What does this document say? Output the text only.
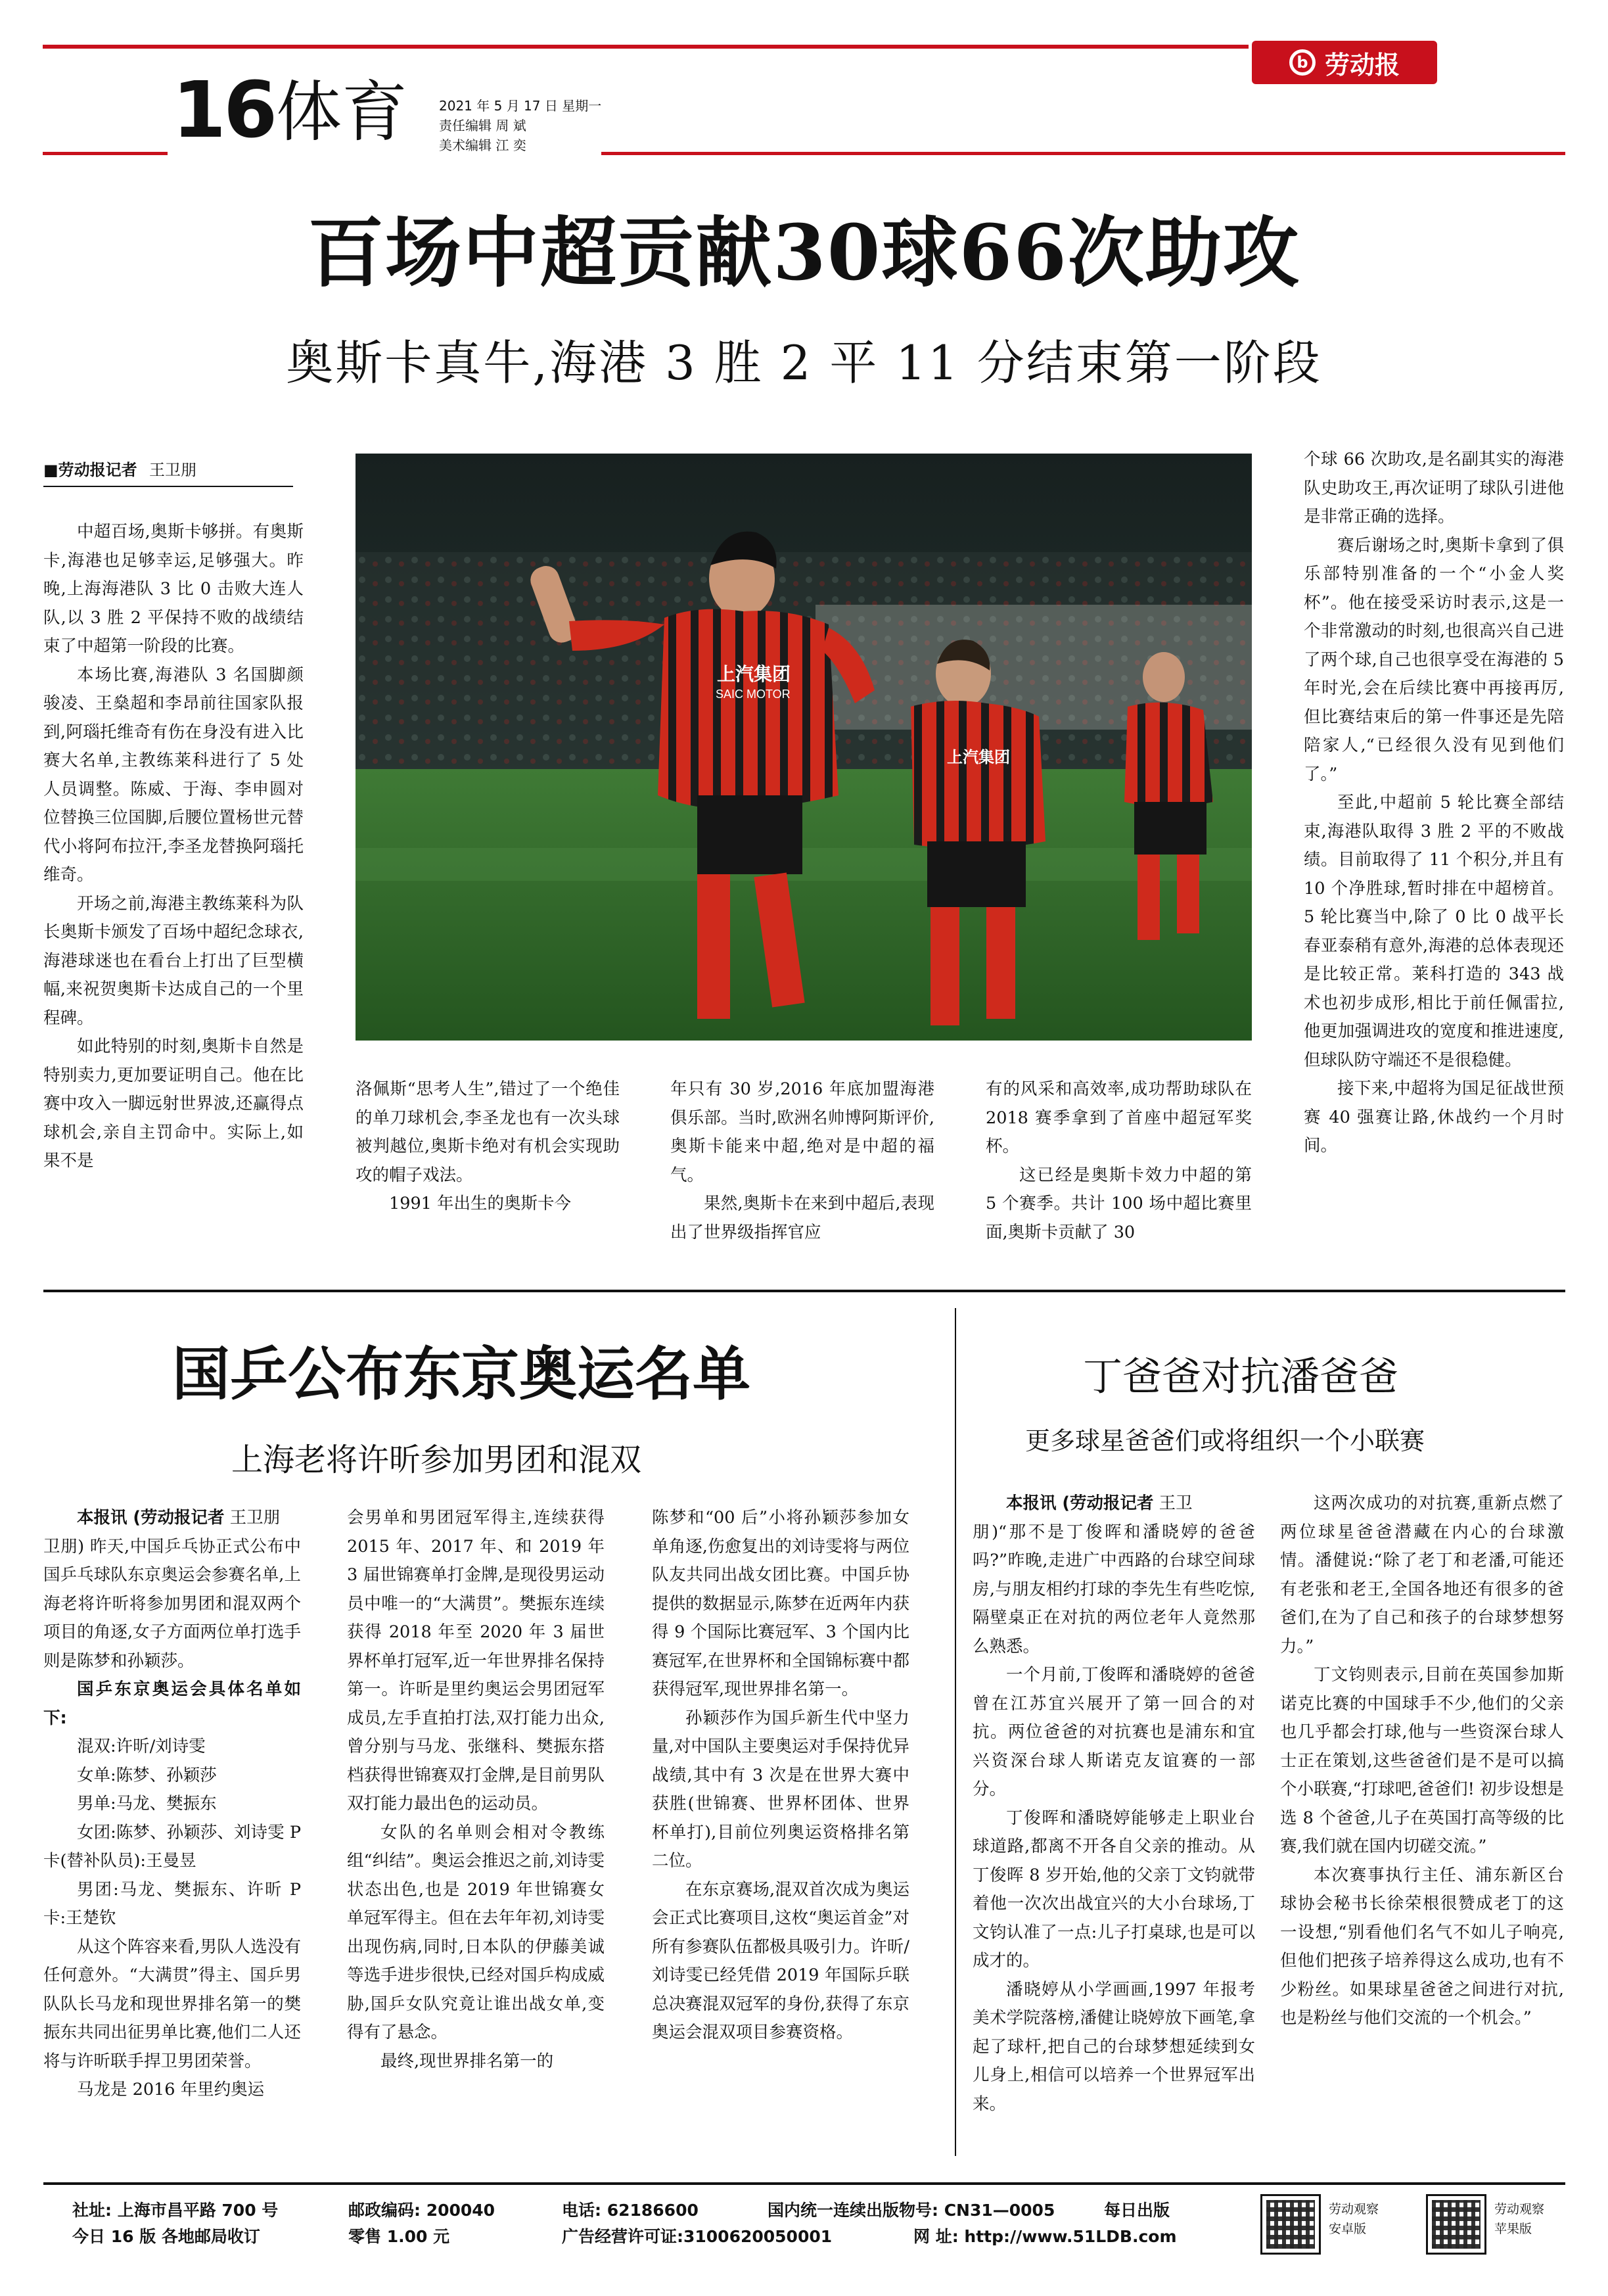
b 劳动报
16 体育 2021 年 5 月 17 日 星期一
责任编辑 周 斌
美术编辑 江 奕
百场中超贡献30球66次助攻
奥斯卡真牛,海港 3 胜 2 平 11 分结束第一阶段
■劳动报记者 王卫朋

中超百场,奥斯卡够拼。有奥斯卡,海港也足够幸运,足够强大。昨晚,上海海港队 3 比 0 击败大连人队,以 3 胜 2 平保持不败的战绩结束了中超第一阶段的比赛。

本场比赛,海港队 3 名国脚颜骏凌、王燊超和李昂前往国家队报到,阿瑙托维奇有伤在身没有进入比赛大名单,主教练莱科进行了 5 处人员调整。陈威、于海、李申圆对位替换三位国脚,后腰位置杨世元替代小将阿布拉汗,李圣龙替换阿瑙托维奇。

开场之前,海港主教练莱科为队长奥斯卡颁发了百场中超纪念球衣,海港球迷也在看台上打出了巨型横幅,来祝贺奥斯卡达成自己的一个里程碑。

如此特别的时刻,奥斯卡自然是特别卖力,更加要证明自己。他在比赛中攻入一脚远射世界波,还赢得点球机会,亲自主罚命中。实际上,如果不是

上汽集团
SAIC MOTOR
上汽集团

洛佩斯“思考人生”,错过了一个绝佳的单刀球机会,李圣龙也有一次头球被判越位,奥斯卡绝对有机会实现助攻的帽子戏法。

1991 年出生的奥斯卡今

年只有 30 岁,2016 年底加盟海港俱乐部。当时,欧洲名帅博阿斯评价,奥斯卡能来中超,绝对是中超的福气。

果然,奥斯卡在来到中超后,表现出了世界级指挥官应

有的风采和高效率,成功帮助球队在 2018 赛季拿到了首座中超冠军奖杯。

这已经是奥斯卡效力中超的第 5 个赛季。共计 100 场中超比赛里面,奥斯卡贡献了 30

个球 66 次助攻,是名副其实的海港队史助攻王,再次证明了球队引进他是非常正确的选择。

赛后谢场之时,奥斯卡拿到了俱乐部特别准备的一个“小金人奖杯”。他在接受采访时表示,这是一个非常激动的时刻,也很高兴自己进了两个球,自己也很享受在海港的 5 年时光,会在后续比赛中再接再厉,但比赛结束后的第一件事还是先陪陪家人,“已经很久没有见到他们了。”

至此,中超前 5 轮比赛全部结束,海港队取得 3 胜 2 平的不败战绩。目前取得了 11 个积分,并且有 10 个净胜球,暂时排在中超榜首。5 轮比赛当中,除了 0 比 0 战平长春亚泰稍有意外,海港的总体表现还是比较正常。莱科打造的 343 战术也初步成形,相比于前任佩雷拉,他更加强调进攻的宽度和推进速度,但球队防守端还不是很稳健。

接下来,中超将为国足征战世预赛 40 强赛让路,休战约一个月时间。

国乒公布东京奥运名单
上海老将许昕参加男团和混双

本报讯 (劳动报记者 王卫朋

卫朋) 昨天,中国乒乓协正式公布中国乒乓球队东京奥运会参赛名单,上海老将许昕将参加男团和混双两个项目的角逐,女子方面两位单打选手则是陈梦和孙颖莎。

国乒东京奥运会具体名单如下:

混双:许昕/刘诗雯

女单:陈梦、孙颖莎

男单:马龙、樊振东

女团:陈梦、孙颖莎、刘诗雯 P 卡(替补队员):王曼昱

男团:马龙、樊振东、许昕 P 卡:王楚钦

从这个阵容来看,男队人选没有任何意外。“大满贯”得主、国乒男队队长马龙和现世界排名第一的樊振东共同出征男单比赛,他们二人还将与许昕联手捍卫男团荣誉。

马龙是 2016 年里约奥运

会男单和男团冠军得主,连续获得 2015 年、2017 年、和 2019 年 3 届世锦赛单打金牌,是现役男运动员中唯一的“大满贯”。樊振东连续获得 2018 年至 2020 年 3 届世界杯单打冠军,近一年世界排名保持第一。许昕是里约奥运会男团冠军成员,左手直拍打法,双打能力出众,曾分别与马龙、张继科、樊振东搭档获得世锦赛双打金牌,是目前男队双打能力最出色的运动员。

女队的名单则会相对令教练组“纠结”。奥运会推迟之前,刘诗雯状态出色,也是 2019 年世锦赛女单冠军得主。但在去年年初,刘诗雯出现伤病,同时,日本队的伊藤美诚等选手进步很快,已经对国乒构成威胁,国乒女队究竟让谁出战女单,变得有了悬念。

最终,现世界排名第一的

陈梦和“00 后”小将孙颖莎参加女单角逐,伤愈复出的刘诗雯将与两位队友共同出战女团比赛。中国乒协提供的数据显示,陈梦在近两年内获得 9 个国际比赛冠军、3 个国内比赛冠军,在世界杯和全国锦标赛中都获得冠军,现世界排名第一。

孙颖莎作为国乒新生代中坚力量,对中国队主要奥运对手保持优异战绩,其中有 3 次是在世界大赛中获胜(世锦赛、世界杯团体、世界杯单打),目前位列奥运资格排名第二位。

在东京赛场,混双首次成为奥运会正式比赛项目,这枚“奥运首金”对所有参赛队伍都极具吸引力。许昕/刘诗雯已经凭借 2019 年国际乒联总决赛混双冠军的身份,获得了东京奥运会混双项目参赛资格。

丁爸爸对抗潘爸爸
更多球星爸爸们或将组织一个小联赛

本报讯 (劳动报记者 王卫

朋)“那不是丁俊晖和潘晓婷的爸爸吗?”昨晚,走进广中西路的台球空间球房,与朋友相约打球的李先生有些吃惊,隔壁桌正在对抗的两位老年人竟然那么熟悉。

一个月前,丁俊晖和潘晓婷的爸爸曾在江苏宜兴展开了第一回合的对抗。两位爸爸的对抗赛也是浦东和宜兴资深台球人斯诺克友谊赛的一部分。

丁俊晖和潘晓婷能够走上职业台球道路,都离不开各自父亲的推动。从丁俊晖 8 岁开始,他的父亲丁文钧就带着他一次次出战宜兴的大小台球场,丁文钧认准了一点:儿子打桌球,也是可以成才的。

潘晓婷从小学画画,1997 年报考美术学院落榜,潘健让晓婷放下画笔,拿起了球杆,把自己的台球梦想延续到女儿身上,相信可以培养一个世界冠军出来。

这两次成功的对抗赛,重新点燃了两位球星爸爸潜藏在内心的台球激情。潘健说:“除了老丁和老潘,可能还有老张和老王,全国各地还有很多的爸爸们,在为了自己和孩子的台球梦想努力。”

丁文钧则表示,目前在英国参加斯诺克比赛的中国球手不少,他们的父亲也几乎都会打球,他与一些资深台球人士正在策划,这些爸爸们是不是可以搞个小联赛,“打球吧,爸爸们! 初步设想是选 8 个爸爸,儿子在英国打高等级的比赛,我们就在国内切磋交流。”

本次赛事执行主任、浦东新区台球协会秘书长徐荣根很赞成老丁的这一设想,“别看他们名气不如儿子响亮,但他们把孩子培养得这么成功,也有不少粉丝。如果球星爸爸之间进行对抗,也是粉丝与他们交流的一个机会。”

社址: 上海市昌平路 700 号
今日 16 版 各地邮局收订
邮政编码: 200040
零售 1.00 元
电话: 62186600
广告经营许可证:3100620050001
国内统一连续出版物号: CN31—0005	每日出版
网 址: http://www.51LDB.com
劳动观察
安卓版
劳动观察
苹果版
